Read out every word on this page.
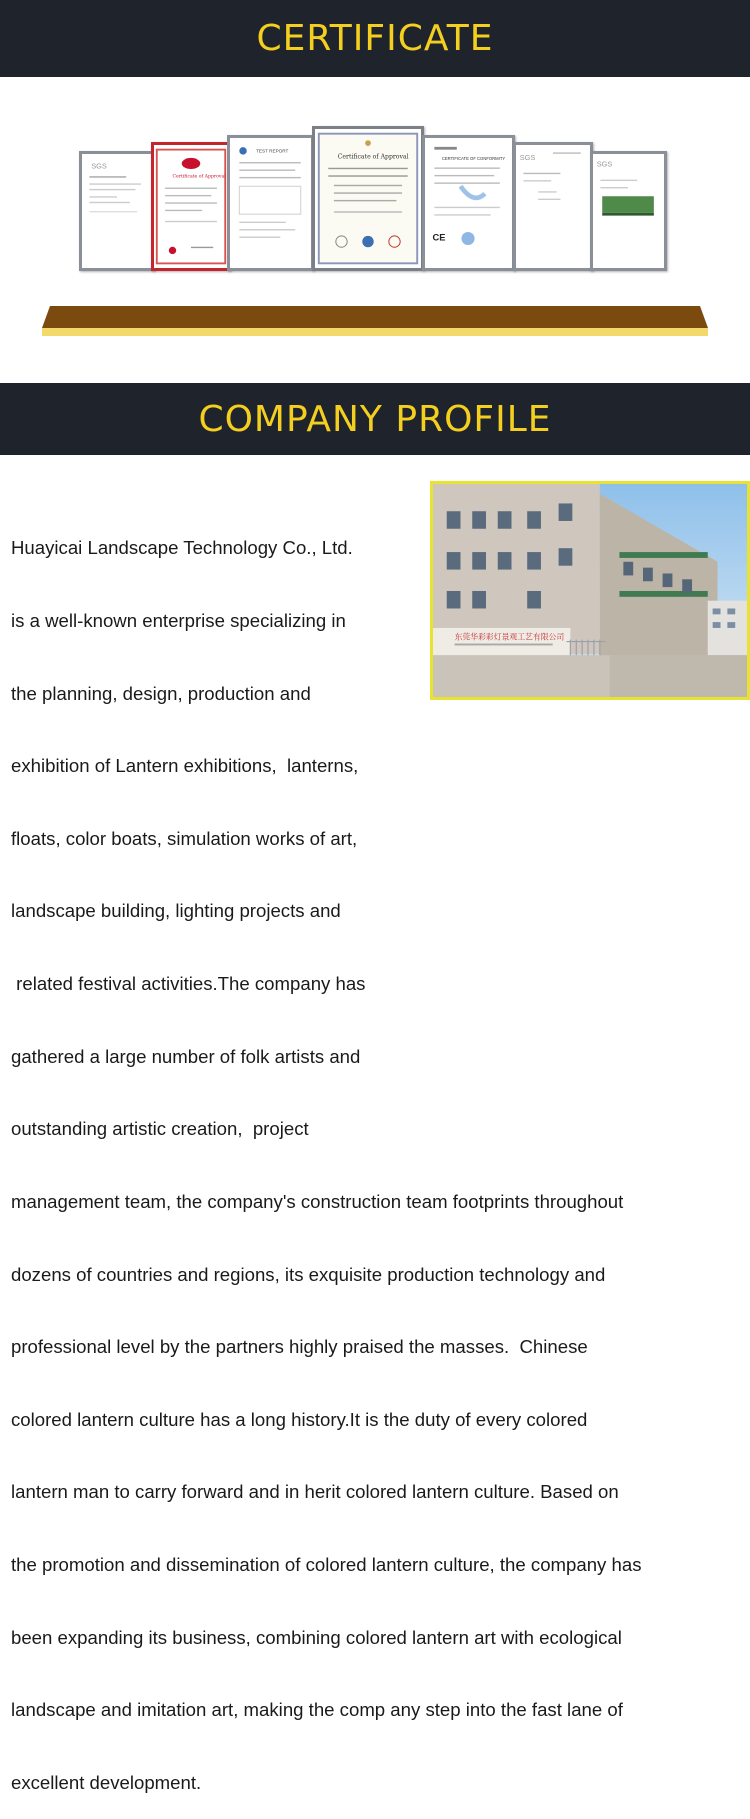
CERTIFICATE
SGS
Certificate of Approval
TEST REPORT
Certificate of Approval	CERTIFICATE OF CONFORMITY
CE
SGS
SGS
COMPANY PROFILE
东莞华彩彩灯景观工艺有限公司

Huayicai Landscape Technology Co., Ltd.

is a well-known enterprise specializing in

the planning, design, production and

exhibition of Lantern exhibitions,  lanterns,

floats, color boats, simulation works of art,

landscape building, lighting projects and

related festival activities.The company has

gathered a large number of folk artists and

outstanding artistic creation,  project

management team, the company's construction team footprints throughout

dozens of countries and regions, its exquisite production technology and

professional level by the partners highly praised the masses.  Chinese

colored lantern culture has a long history.It is the duty of every colored

lantern man to carry forward and in herit colored lantern culture. Based on

the promotion and dissemination of colored lantern culture, the company has

been expanding its business, combining colored lantern art with ecological

landscape and imitation art, making the comp any step into the fast lane of

excellent development.
